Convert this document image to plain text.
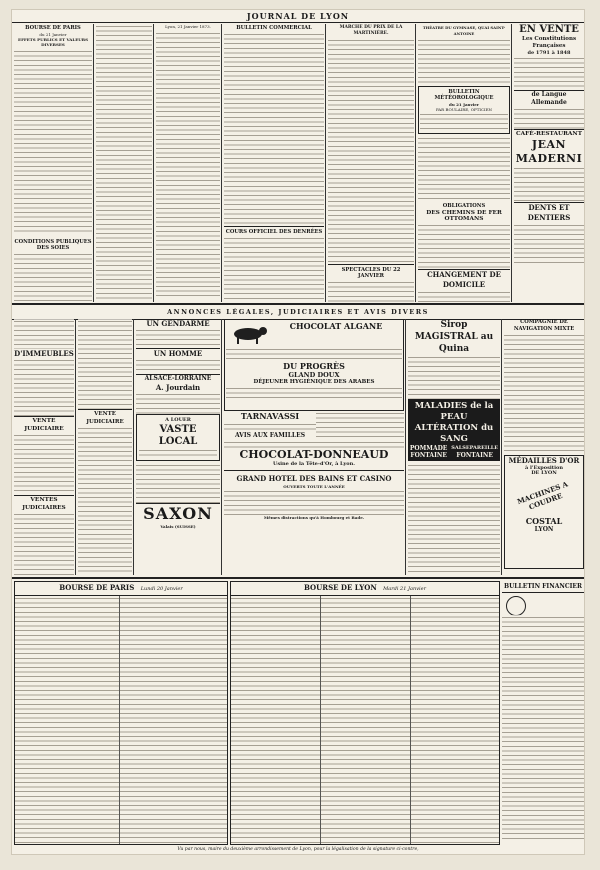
JOURNAL DE LYON
BOURSE DE PARIS
du 21 Janvier
EFFETS PUBLICS ET VALEURS DIVERSES
CONDITIONS PUBLIQUES DES SOIES
Lyon, 21 Janvier 1873.	BULLETIN COMMERCIAL
COURS OFFICIEL DES DENRÉES
MARCHÉ DU PRIX DE LA MARTINIÈRE.
SPECTACLES DU 22 JANVIER
THÉATRE DU GYMNASE, QUAI SAINT-ANTOINE
BULLETIN MÉTÉOROLOGIQUE
du 21 Janvier
PAR BOULAIRE, OPTICIEN
OBLIGATIONS
DES CHEMINS DE FER OTTOMANS
CHANGEMENT DE DOMICILE
EN VENTE
Les Constitutions Françaises
de 1791 à 1848
de Langue Allemande
CAFÉ-RESTAURANT
JEAN MADERNI
DENTS ET DENTIERS
ANNONCES LÉGALES, JUDICIAIRES ET AVIS DIVERS
D'IMMEUBLES
VENTE JUDICIAIRE
VENTES JUDICIAIRES
VENTE JUDICIAIRE
UN GENDARME
UN HOMME
ALSACE-LORRAINE
A. Jourdain
A LOUER
VASTE LOCAL
SAXON
Valais (SUISSE)
CHOCOLAT ALGANE
DU PROGRÈS
GLAND DOUX
DÉJEUNER HYGIÉNIQUE DES ARABES
TARNAVASSI
AVIS AUX FAMILLES
CHOCOLAT-DONNEAUD
Usine de la Tête-d'Or, à Lyon.
GRAND HOTEL DES BAINS ET CASINO
OUVERTS TOUTE L'ANNÉE
Mêmes distractions qu'à Hombourg et Bade.
Sirop MAGISTRAL au Quina
MALADIES de la PEAU
ALTÉRATION du SANG
POMMADE
FONTAINE
SALSEPAREILLE
FONTAINE
COMPAGNIE DE NAVIGATION MIXTE
MÉDAILLES D'OR
à l'Exposition
DE LYON
MACHINES A COUDRE
COSTAL
LYON
BOURSE DE PARIS Lundi 20 Janvier	BOURSE DE LYON Mardi 21 Janvier	BULLETIN FINANCIER
Vu par nous, maire du deuxième arrondissement de Lyon, pour la légalisation de la signature ci-contre,
